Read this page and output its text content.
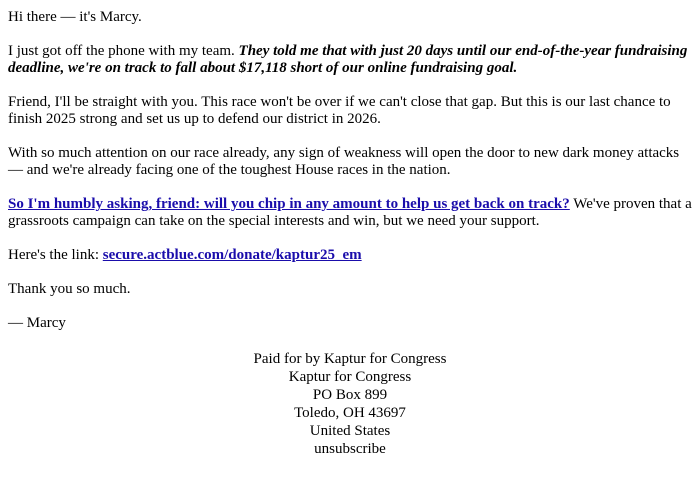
Hi there — it's Marcy.

I just got off the phone with my team. They told me that with just 20 days until our end-of-the-year fundraising deadline, we're on track to fall about $17,118 short of our online fundraising goal.

Friend, I'll be straight with you. This race won't be over if we can't close that gap. But this is our last chance to finish 2025 strong and set us up to defend our district in 2026.

With so much attention on our race already, any sign of weakness will open the door to new dark money attacks — and we're already facing one of the toughest House races in the nation.

So I'm humbly asking, friend: will you chip in any amount to help us get back on track? We've proven that a grassroots campaign can take on the special interests and win, but we need your support.

Here's the link: secure.actblue.com/donate/kaptur25_em

Thank you so much.

— Marcy

Paid for by Kaptur for Congress
Kaptur for Congress
PO Box 899
Toledo, OH 43697
United States
unsubscribe
